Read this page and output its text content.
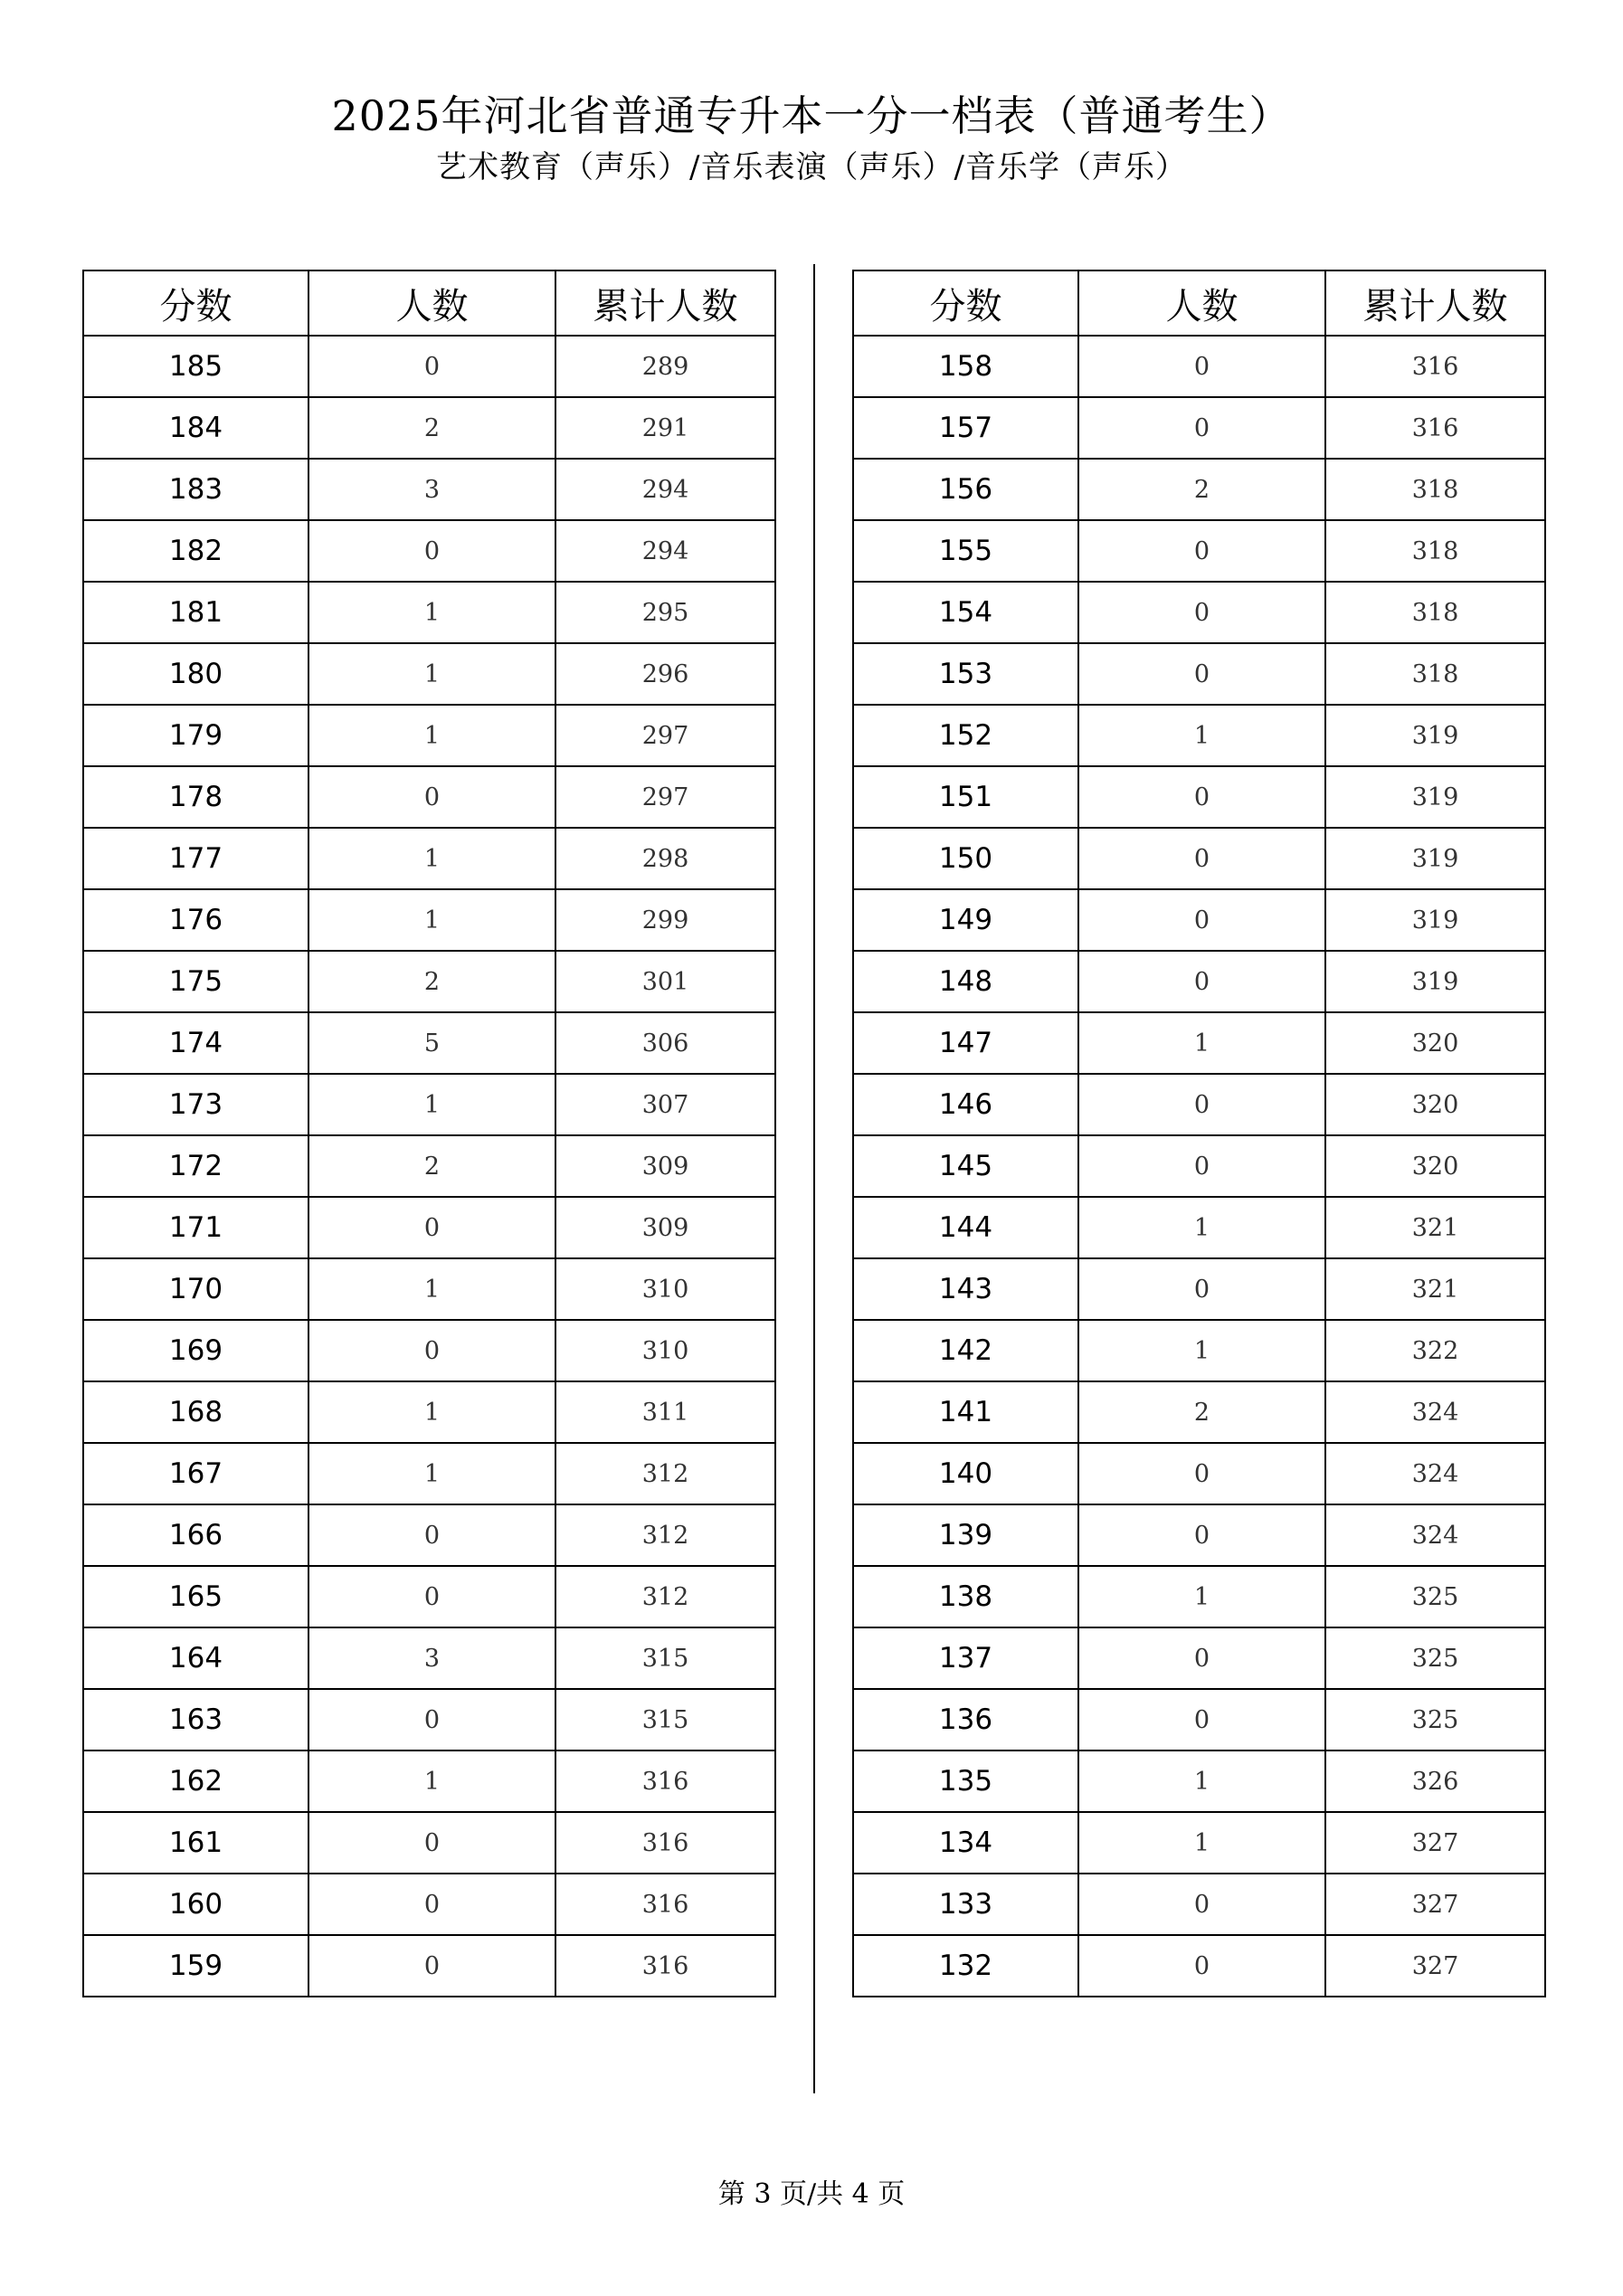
2025年河北省普通专升本一分一档表（普通考生）
艺术教育（声乐）/音乐表演（声乐）/音乐学（声乐）
分数	人数	累计人数
185	0	289
184	2	291
183	3	294
182	0	294
181	1	295
180	1	296
179	1	297
178	0	297
177	1	298
176	1	299
175	2	301
174	5	306
173	1	307
172	2	309
171	0	309
170	1	310
169	0	310
168	1	311
167	1	312
166	0	312
165	0	312
164	3	315
163	0	315
162	1	316
161	0	316
160	0	316
159	0	316
分数	人数	累计人数
158	0	316
157	0	316
156	2	318
155	0	318
154	0	318
153	0	318
152	1	319
151	0	319
150	0	319
149	0	319
148	0	319
147	1	320
146	0	320
145	0	320
144	1	321
143	0	321
142	1	322
141	2	324
140	0	324
139	0	324
138	1	325
137	0	325
136	0	325
135	1	326
134	1	327
133	0	327
132	0	327
第 3 页/共 4 页
